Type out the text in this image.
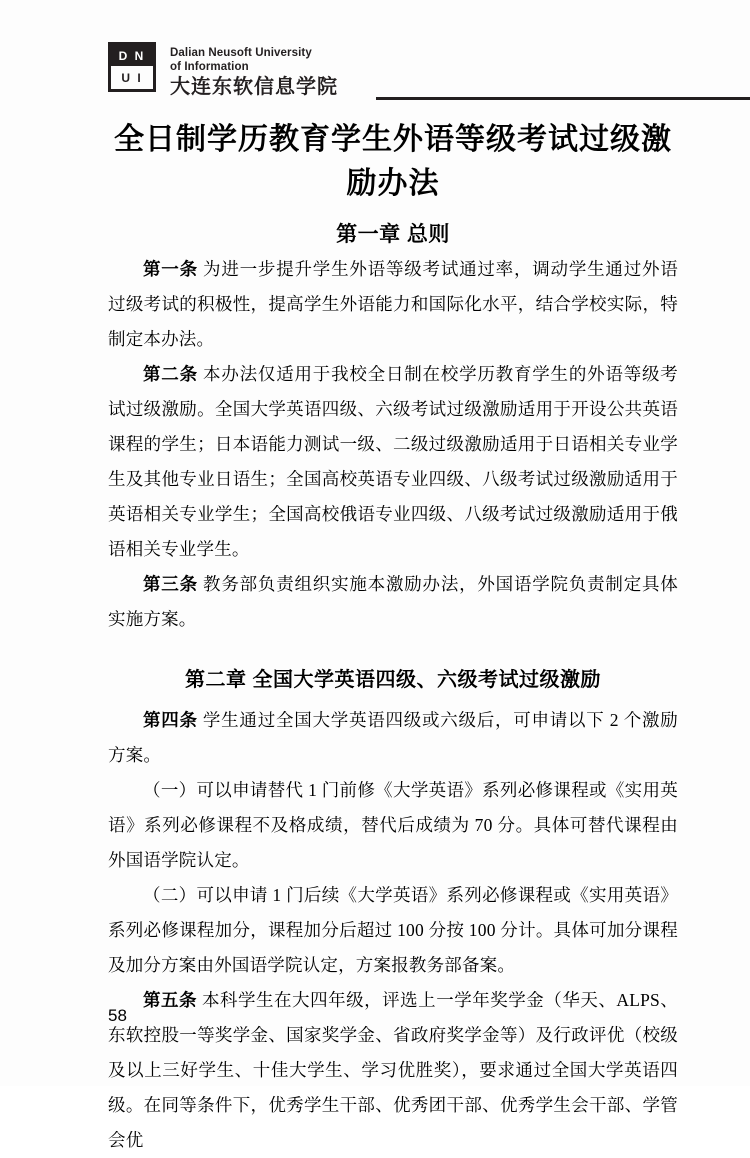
D N
U I
Dalian Neusoft University
of Information
大连东软信息学院
全日制学历教育学生外语等级考试过级激励办法
第一章 总则

第一条 为进一步提升学生外语等级考试通过率，调动学生通过外语过级考试的积极性，提高学生外语能力和国际化水平，结合学校实际，特制定本办法。

第二条 本办法仅适用于我校全日制在校学历教育学生的外语等级考试过级激励。全国大学英语四级、六级考试过级激励适用于开设公共英语课程的学生；日本语能力测试一级、二级过级激励适用于日语相关专业学生及其他专业日语生；全国高校英语专业四级、八级考试过级激励适用于英语相关专业学生；全国高校俄语专业四级、八级考试过级激励适用于俄语相关专业学生。

第三条 教务部负责组织实施本激励办法，外国语学院负责制定具体实施方案。

第二章 全国大学英语四级、六级考试过级激励

第四条 学生通过全国大学英语四级或六级后，可申请以下 2 个激励方案。

（一）可以申请替代 1 门前修《大学英语》系列必修课程或《实用英语》系列必修课程不及格成绩，替代后成绩为 70 分。具体可替代课程由外国语学院认定。

（二）可以申请 1 门后续《大学英语》系列必修课程或《实用英语》系列必修课程加分，课程加分后超过 100 分按 100 分计。具体可加分课程及加分方案由外国语学院认定，方案报教务部备案。

第五条 本科学生在大四年级，评选上一学年奖学金（华天、ALPS、东软控股一等奖学金、国家奖学金、省政府奖学金等）及行政评优（校级及以上三好学生、十佳大学生、学习优胜奖），要求通过全国大学英语四级。在同等条件下，优秀学生干部、优秀团干部、优秀学生会干部、学管会优

58
